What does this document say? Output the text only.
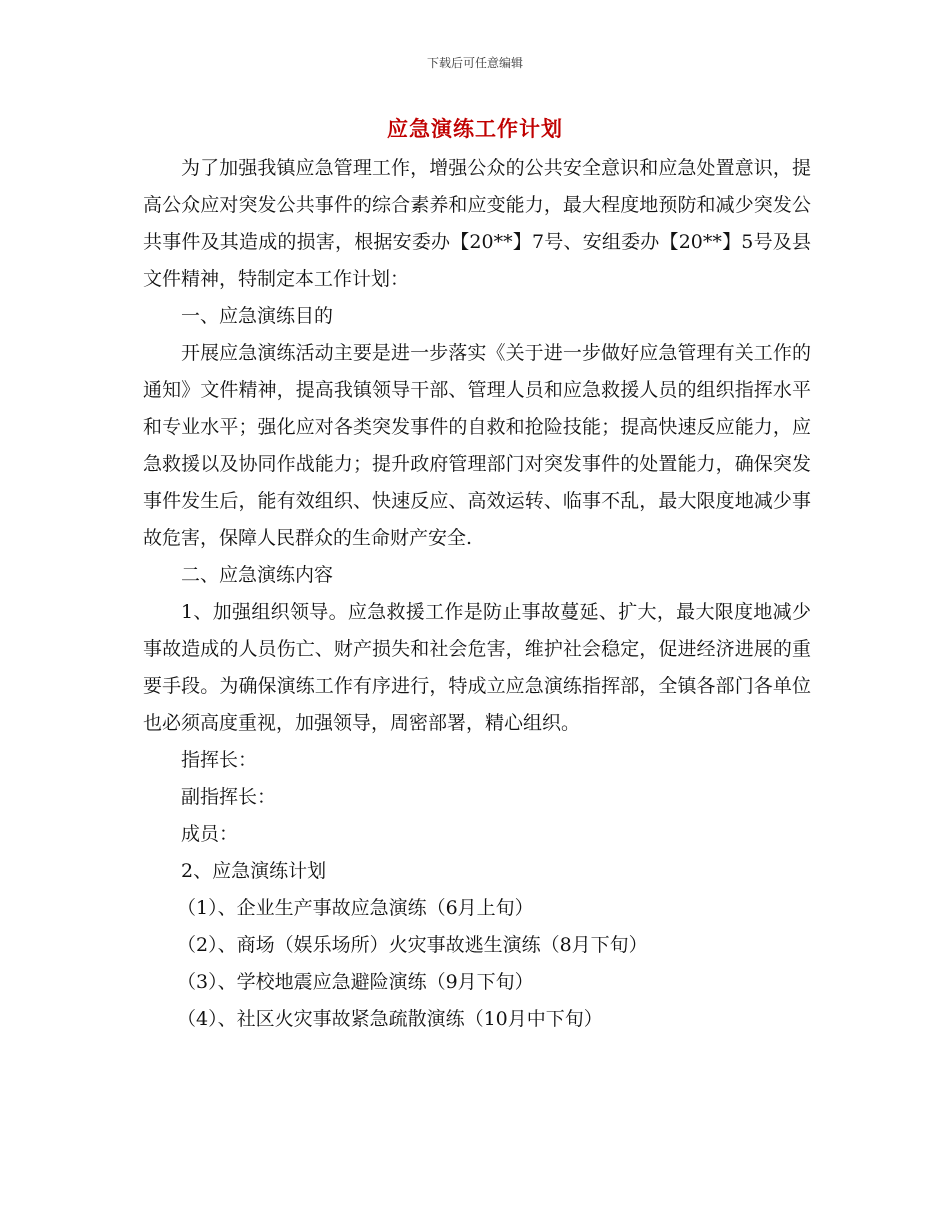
下载后可任意编辑
应急演练工作计划

为了加强我镇应急管理工作，增强公众的公共安全意识和应急处置意识，提高公众应对突发公共事件的综合素养和应变能力，最大程度地预防和减少突发公共事件及其造成的损害，根据安委办【20**】7号、安组委办【20**】5号及县文件精神，特制定本工作计划：

一、应急演练目的

开展应急演练活动主要是进一步落实《关于进一步做好应急管理有关工作的通知》文件精神，提高我镇领导干部、管理人员和应急救援人员的组织指挥水平和专业水平；强化应对各类突发事件的自救和抢险技能；提高快速反应能力，应急救援以及协同作战能力；提升政府管理部门对突发事件的处置能力，确保突发事件发生后，能有效组织、快速反应、高效运转、临事不乱，最大限度地减少事故危害，保障人民群众的生命财产安全.

二、应急演练内容

1、加强组织领导。应急救援工作是防止事故蔓延、扩大，最大限度地减少事故造成的人员伤亡、财产损失和社会危害，维护社会稳定，促进经济进展的重要手段。为确保演练工作有序进行，特成立应急演练指挥部，全镇各部门各单位也必须高度重视，加强领导，周密部署，精心组织。

指挥长：

副指挥长：

成员：

2、应急演练计划

（1）、企业生产事故应急演练（6月上旬）

（2）、商场（娱乐场所）火灾事故逃生演练（8月下旬）

（3）、学校地震应急避险演练（9月下旬）

（4）、社区火灾事故紧急疏散演练（10月中下旬）
